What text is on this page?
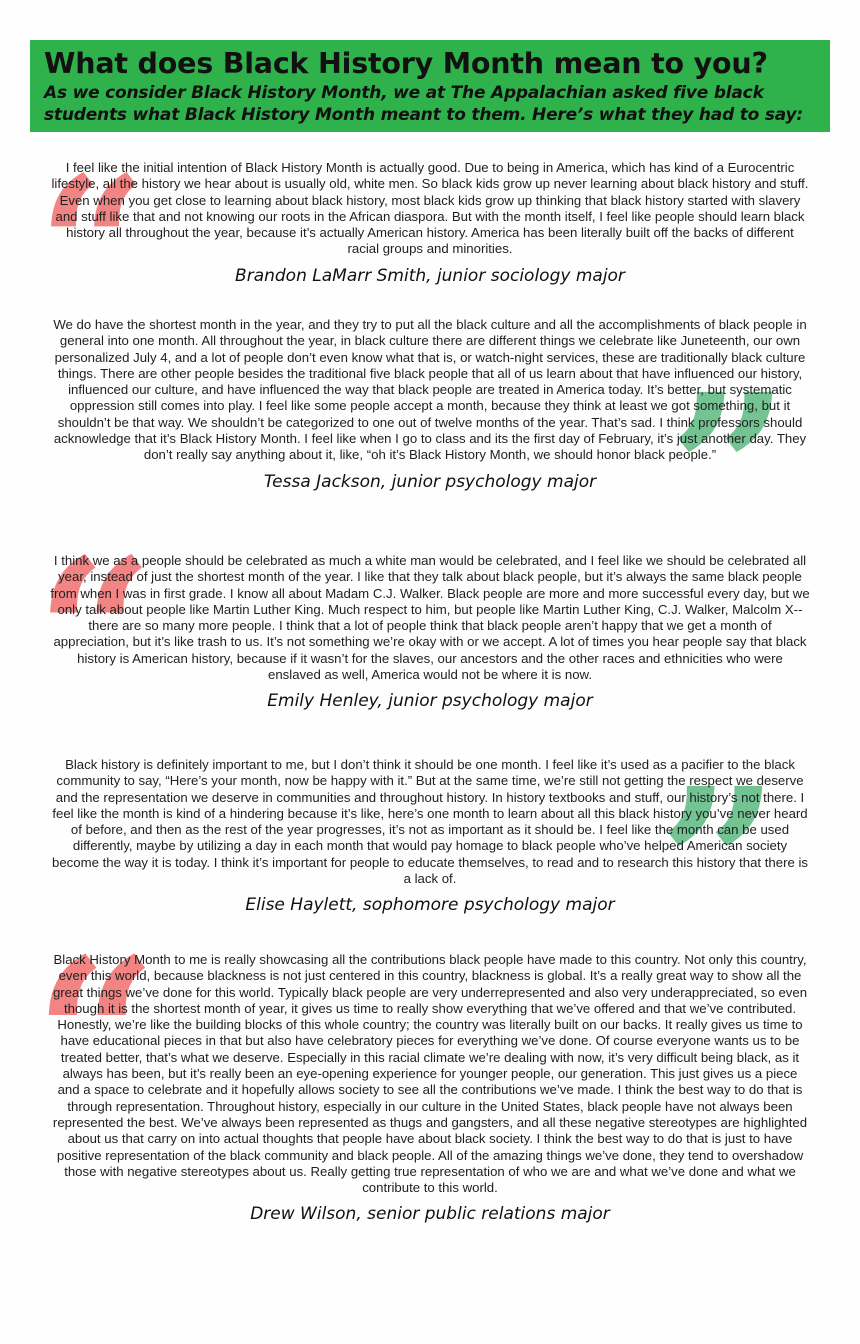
What does Black History Month mean to you?
As we consider Black History Month, we at The Appalachian asked five black students what Black History Month meant to them. Here’s what they had to say:
“

I feel like the initial intention of Black History Month is actually good. Due to being in America, which has kind of a Eurocentric lifestyle, all the history we hear about is usually old, white men. So black kids grow up never learning about black history and stuff. Even when you get close to learning about black history, most black kids grow up thinking that black history started with slavery and stuff like that and not knowing our roots in the African diaspora. But with the month itself, I feel like people should learn black history all throughout the year, because it’s actually American history. America has been literally built off the backs of different racial groups and minorities.

Brandon LaMarr Smith, junior sociology major

”

We do have the shortest month in the year, and they try to put all the black culture and all the accomplishments of black people in general into one month. All throughout the year, in black culture there are different things we celebrate like Juneteenth, our own personalized July 4, and a lot of people don’t even know what that is, or watch-night services, these are traditionally black culture things. There are other people besides the traditional five black people that all of us learn about that have influenced our history, influenced our culture, and have influenced the way that black people are treated in America today. It’s better, but systematic oppression still comes into play. I feel like some people accept a month, because they think at least we got something, but it shouldn’t be that way. We shouldn’t be categorized to one out of twelve months of the year. That’s sad. I think professors should acknowledge that it’s Black History Month. I feel like when I go to class and its the first day of February, it’s just another day. They don’t really say anything about it, like, “oh it’s Black History Month, we should honor black people.”

Tessa Jackson, junior psychology major

“

I think we as a people should be celebrated as much a white man would be celebrated, and I feel like we should be celebrated all year, instead of just the shortest month of the year. I like that they talk about black people, but it’s always the same black people from when I was in first grade. I know all about Madam C.J. Walker. Black people are more and more successful every day, but we only talk about people like Martin Luther King. Much respect to him, but people like Martin Luther King, C.J. Walker, Malcolm X-- there are so many more people. I think that a lot of people think that black people aren’t happy that we get a month of appreciation, but it’s like trash to us. It’s not something we’re okay with or we accept. A lot of times you hear people say that black history is American history, because if it wasn’t for the slaves, our ancestors and the other races and ethnicities who were enslaved as well, America would not be where it is now.

Emily Henley, junior psychology major

”

Black history is definitely important to me, but I don’t think it should be one month. I feel like it’s used as a pacifier to the black community to say, “Here’s your month, now be happy with it.” But at the same time, we’re still not getting the respect we deserve and the representation we deserve in communities and throughout history. In history textbooks and stuff, our history’s not there. I feel like the month is kind of a hindering because it’s like, here’s one month to learn about all this black history you’ve never heard of before, and then as the rest of the year progresses, it’s not as important as it should be. I feel like the month can be used differently, maybe by utilizing a day in each month that would pay homage to black people who’ve helped American society become the way it is today. I think it’s important for people to educate themselves, to read and to research this history that there is a lack of.

Elise Haylett, sophomore psychology major

“

Black History Month to me is really showcasing all the contributions black people have made to this country. Not only this country, even this world, because blackness is not just centered in this country, blackness is global. It’s a really great way to show all the great things we’ve done for this world. Typically black people are very underrepresented and also very underappreciated, so even though it is the shortest month of year, it gives us time to really show everything that we’ve offered and that we’ve contributed. Honestly, we’re like the building blocks of this whole country; the country was literally built on our backs. It really gives us time to have educational pieces in that but also have celebratory pieces for everything we’ve done. Of course everyone wants us to be treated better, that’s what we deserve. Especially in this racial climate we’re dealing with now, it’s very difficult being black, as it always has been, but it’s really been an eye-opening experience for younger people, our generation. This just gives us a piece and a space to celebrate and it hopefully allows society to see all the contributions we’ve made. I think the best way to do that is through representation. Throughout history, especially in our culture in the United States, black people have not always been represented the best. We’ve always been represented as thugs and gangsters, and all these negative stereotypes are highlighted about us that carry on into actual thoughts that people have about black society. I think the best way to do that is just to have positive representation of the black community and black people. All of the amazing things we’ve done, they tend to overshadow those with negative stereotypes about us. Really getting true representation of who we are and what we’ve done and what we contribute to this world.

Drew Wilson, senior public relations major
